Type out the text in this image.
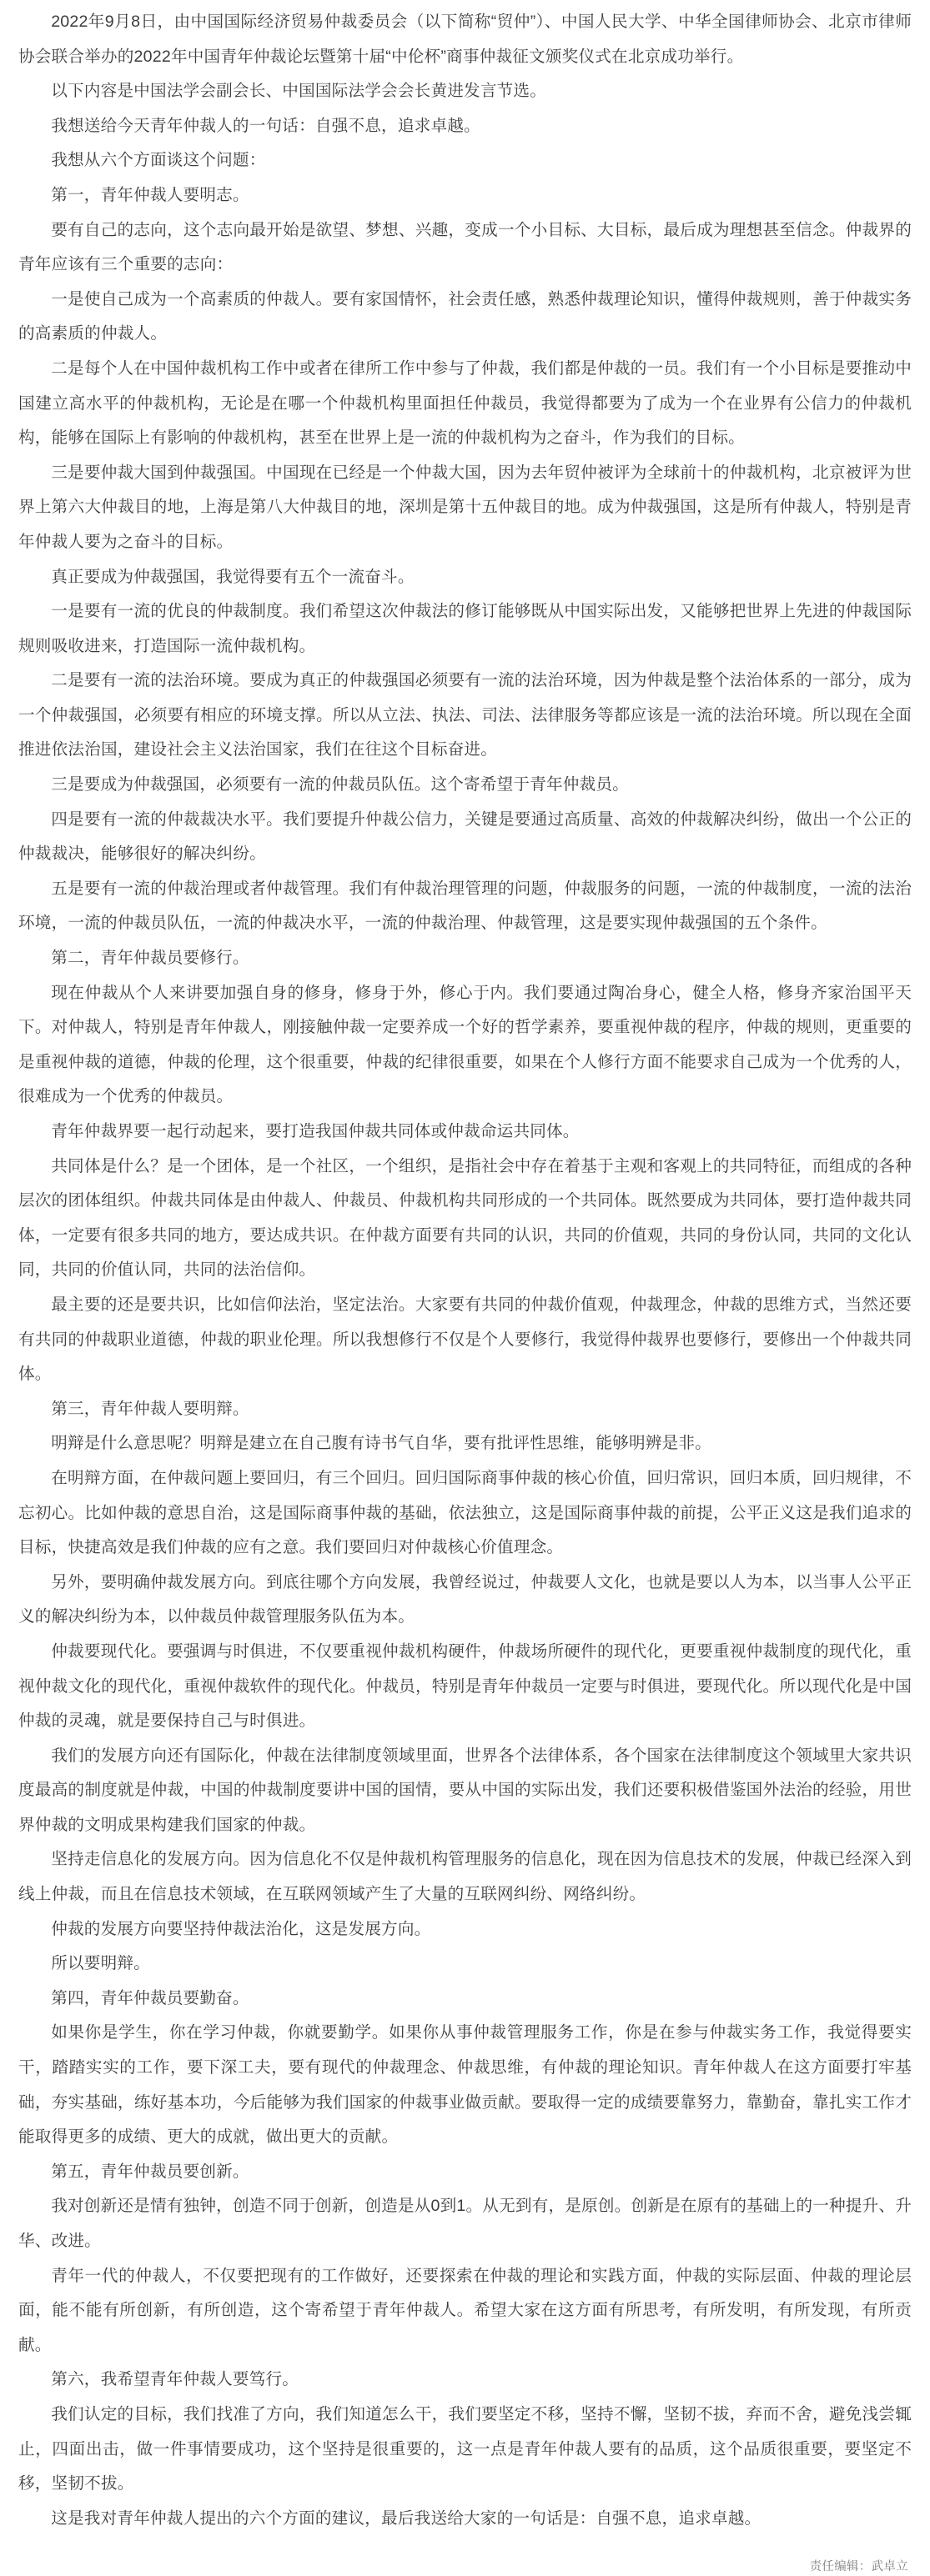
2022年9月8日，由中国国际经济贸易仲裁委员会（以下简称“贸仲”）、中国人民大学、中华全国律师协会、北京市律师协会联合举办的2022年中国青年仲裁论坛暨第十届“中伦杯”商事仲裁征文颁奖仪式在北京成功举行。

以下内容是中国法学会副会长、中国国际法学会会长黄进发言节选。

我想送给今天青年仲裁人的一句话：自强不息，追求卓越。

我想从六个方面谈这个问题：

第一，青年仲裁人要明志。

要有自己的志向，这个志向最开始是欲望、梦想、兴趣，变成一个小目标、大目标，最后成为理想甚至信念。仲裁界的青年应该有三个重要的志向：

一是使自己成为一个高素质的仲裁人。要有家国情怀，社会责任感，熟悉仲裁理论知识，懂得仲裁规则，善于仲裁实务的高素质的仲裁人。

二是每个人在中国仲裁机构工作中或者在律所工作中参与了仲裁，我们都是仲裁的一员。我们有一个小目标是要推动中国建立高水平的仲裁机构，无论是在哪一个仲裁机构里面担任仲裁员，我觉得都要为了成为一个在业界有公信力的仲裁机构，能够在国际上有影响的仲裁机构，甚至在世界上是一流的仲裁机构为之奋斗，作为我们的目标。

三是要仲裁大国到仲裁强国。中国现在已经是一个仲裁大国，因为去年贸仲被评为全球前十的仲裁机构，北京被评为世界上第六大仲裁目的地，上海是第八大仲裁目的地，深圳是第十五仲裁目的地。成为仲裁强国，这是所有仲裁人，特别是青年仲裁人要为之奋斗的目标。

真正要成为仲裁强国，我觉得要有五个一流奋斗。

一是要有一流的优良的仲裁制度。我们希望这次仲裁法的修订能够既从中国实际出发，又能够把世界上先进的仲裁国际规则吸收进来，打造国际一流仲裁机构。

二是要有一流的法治环境。要成为真正的仲裁强国必须要有一流的法治环境，因为仲裁是整个法治体系的一部分，成为一个仲裁强国，必须要有相应的环境支撑。所以从立法、执法、司法、法律服务等都应该是一流的法治环境。所以现在全面推进依法治国，建设社会主义法治国家，我们在往这个目标奋进。

三是要成为仲裁强国，必须要有一流的仲裁员队伍。这个寄希望于青年仲裁员。

四是要有一流的仲裁裁决水平。我们要提升仲裁公信力，关键是要通过高质量、高效的仲裁解决纠纷，做出一个公正的仲裁裁决，能够很好的解决纠纷。

五是要有一流的仲裁治理或者仲裁管理。我们有仲裁治理管理的问题，仲裁服务的问题，一流的仲裁制度，一流的法治环境，一流的仲裁员队伍，一流的仲裁决水平，一流的仲裁治理、仲裁管理，这是要实现仲裁强国的五个条件。

第二，青年仲裁员要修行。

现在仲裁从个人来讲要加强自身的修身，修身于外，修心于内。我们要通过陶冶身心，健全人格，修身齐家治国平天下。对仲裁人，特别是青年仲裁人，刚接触仲裁一定要养成一个好的哲学素养，要重视仲裁的程序，仲裁的规则，更重要的是重视仲裁的道德，仲裁的伦理，这个很重要，仲裁的纪律很重要，如果在个人修行方面不能要求自己成为一个优秀的人，很难成为一个优秀的仲裁员。

青年仲裁界要一起行动起来，要打造我国仲裁共同体或仲裁命运共同体。

共同体是什么？是一个团体，是一个社区，一个组织，是指社会中存在着基于主观和客观上的共同特征，而组成的各种层次的团体组织。仲裁共同体是由仲裁人、仲裁员、仲裁机构共同形成的一个共同体。既然要成为共同体，要打造仲裁共同体，一定要有很多共同的地方，要达成共识。在仲裁方面要有共同的认识，共同的价值观，共同的身份认同，共同的文化认同，共同的价值认同，共同的法治信仰。

最主要的还是要共识，比如信仰法治，坚定法治。大家要有共同的仲裁价值观，仲裁理念，仲裁的思维方式，当然还要有共同的仲裁职业道德，仲裁的职业伦理。所以我想修行不仅是个人要修行，我觉得仲裁界也要修行，要修出一个仲裁共同体。

第三，青年仲裁人要明辩。

明辩是什么意思呢？明辩是建立在自己腹有诗书气自华，要有批评性思维，能够明辨是非。

在明辩方面，在仲裁问题上要回归，有三个回归。回归国际商事仲裁的核心价值，回归常识，回归本质，回归规律，不忘初心。比如仲裁的意思自治，这是国际商事仲裁的基础，依法独立，这是国际商事仲裁的前提，公平正义这是我们追求的目标，快捷高效是我们仲裁的应有之意。我们要回归对仲裁核心价值理念。

另外，要明确仲裁发展方向。到底往哪个方向发展，我曾经说过，仲裁要人文化，也就是要以人为本，以当事人公平正义的解决纠纷为本，以仲裁员仲裁管理服务队伍为本。

仲裁要现代化。要强调与时俱进，不仅要重视仲裁机构硬件，仲裁场所硬件的现代化，更要重视仲裁制度的现代化，重视仲裁文化的现代化，重视仲裁软件的现代化。仲裁员，特别是青年仲裁员一定要与时俱进，要现代化。所以现代化是中国仲裁的灵魂，就是要保持自己与时俱进。

我们的发展方向还有国际化，仲裁在法律制度领域里面，世界各个法律体系，各个国家在法律制度这个领域里大家共识度最高的制度就是仲裁，中国的仲裁制度要讲中国的国情，要从中国的实际出发，我们还要积极借鉴国外法治的经验，用世界仲裁的文明成果构建我们国家的仲裁。

坚持走信息化的发展方向。因为信息化不仅是仲裁机构管理服务的信息化，现在因为信息技术的发展，仲裁已经深入到线上仲裁，而且在信息技术领域，在互联网领域产生了大量的互联网纠纷、网络纠纷。

仲裁的发展方向要坚持仲裁法治化，这是发展方向。

所以要明辩。

第四，青年仲裁员要勤奋。

如果你是学生，你在学习仲裁，你就要勤学。如果你从事仲裁管理服务工作，你是在参与仲裁实务工作，我觉得要实干，踏踏实实的工作，要下深工夫，要有现代的仲裁理念、仲裁思维，有仲裁的理论知识。青年仲裁人在这方面要打牢基础，夯实基础，练好基本功，今后能够为我们国家的仲裁事业做贡献。要取得一定的成绩要靠努力，靠勤奋，靠扎实工作才能取得更多的成绩、更大的成就，做出更大的贡献。

第五，青年仲裁员要创新。

我对创新还是情有独钟，创造不同于创新，创造是从0到1。从无到有，是原创。创新是在原有的基础上的一种提升、升华、改进。

青年一代的仲裁人，不仅要把现有的工作做好，还要探索在仲裁的理论和实践方面，仲裁的实际层面、仲裁的理论层面，能不能有所创新，有所创造，这个寄希望于青年仲裁人。希望大家在这方面有所思考，有所发明，有所发现，有所贡献。

第六，我希望青年仲裁人要笃行。

我们认定的目标，我们找准了方向，我们知道怎么干，我们要坚定不移，坚持不懈，坚韧不拔，弃而不舍，避免浅尝辄止，四面出击，做一件事情要成功，这个坚持是很重要的，这一点是青年仲裁人要有的品质，这个品质很重要，要坚定不移，坚韧不拔。

这是我对青年仲裁人提出的六个方面的建议，最后我送给大家的一句话是：自强不息，追求卓越。

责任编辑：武卓立
